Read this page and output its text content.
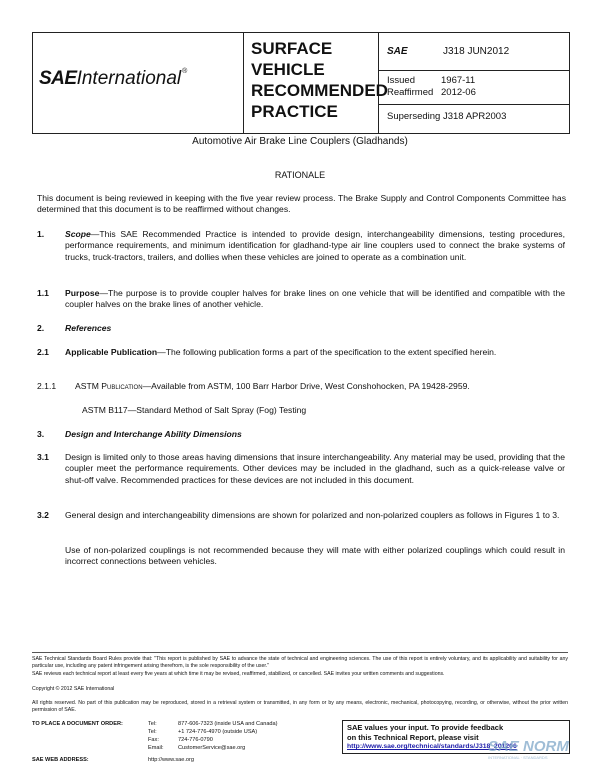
SAEInternational®
SURFACE
VEHICLE
RECOMMENDED
PRACTICE
SAE	J318 JUN2012
Issued	1967-11
Reaffirmed 2012-06
Superseding J318 APR2003
Automotive Air Brake Line Couplers (Gladhands)
RATIONALE
This document is being reviewed in keeping with the five year review process. The Brake Supply and Control Components Committee has determined that this document is to be reaffirmed without changes.
1. Scope—This SAE Recommended Practice is intended to provide design, interchangeability dimensions, testing procedures, performance requirements, and minimum identification for gladhand-type air line couplers used to connect the brake systems of trucks, truck-tractors, trailers, and dollies when these vehicles are joined to operate as a combination unit.
1.1 Purpose—The purpose is to provide coupler halves for brake lines on one vehicle that will be identified and compatible with the coupler halves on the brake lines of another vehicle.
2. References
2.1 Applicable Publication—The following publication forms a part of the specification to the extent specified herein.
2.1.1 ASTM Publication—Available from ASTM, 100 Barr Harbor Drive, West Conshohocken, PA 19428-2959.
ASTM B117—Standard Method of Salt Spray (Fog) Testing
3. Design and Interchange Ability Dimensions
3.1 Design is limited only to those areas having dimensions that insure interchangeability. Any material may be used, providing that the coupler meet the performance requirements. Other devices may be included in the gladhand, such as a quick-release valve or shut-off valve. Recommended practices for these devices are not included in this document.
3.2 General design and interchangeability dimensions are shown for polarized and non-polarized couplers as follows in Figures 1 to 3.
Use of non-polarized couplings is not recommended because they will mate with either polarized couplings which could result in incorrect connections between vehicles.
SAE Technical Standards Board Rules provide that: "This report is published by SAE to advance the state of technical and engineering sciences. The use of this report is entirely voluntary, and its applicability and suitability for any particular use, including any patent infringement arising therefrom, is the sole responsibility of the user."
SAE reviews each technical report at least every five years at which time it may be revised, reaffirmed, stabilized, or cancelled. SAE invites your written comments and suggestions.
Copyright © 2012 SAE International
All rights reserved. No part of this publication may be reproduced, stored in a retrieval system or transmitted, in any form or by any means, electronic, mechanical, photocopying, recording, or otherwise, without the prior written permission of SAE.
TO PLACE A DOCUMENT ORDER:	Tel:	877-606-7323 (inside USA and Canada)
Tel:	+1 724-776-4970 (outside USA)
Fax:	724-776-0790
Email:	CustomerService@sae.org
SAE WEB ADDRESS:	http://www.sae.org
SAE values your input. To provide feedback
on this Technical Report, please visit
http://www.sae.org/technical/standards/J318_201206
SAE NORM
INTERNATIONAL · STANDARDS
